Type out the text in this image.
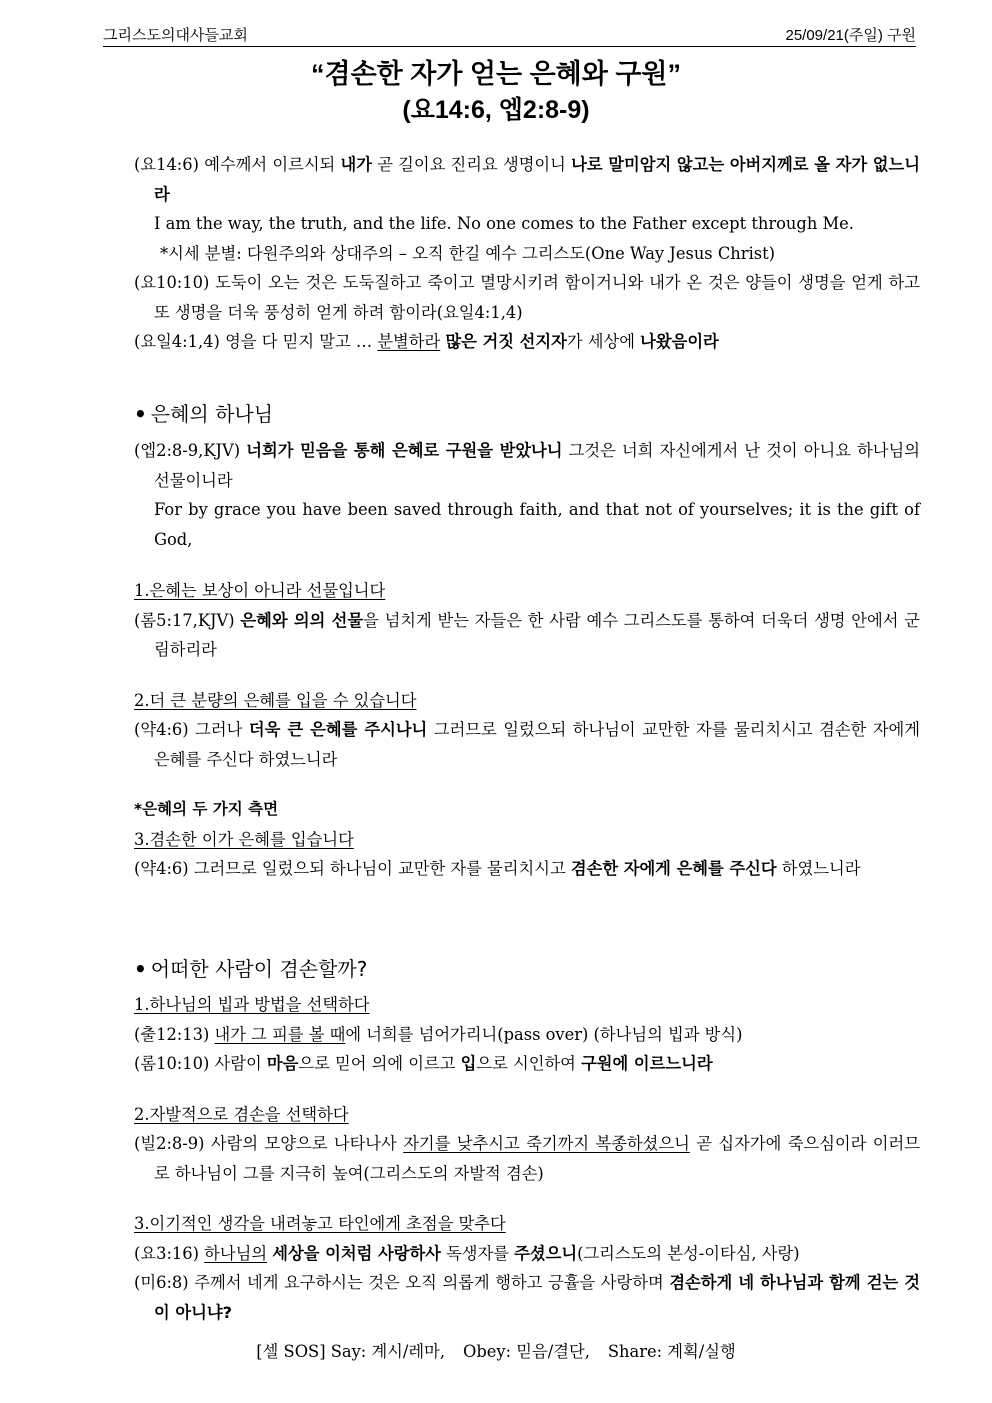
그리스도의대사들교회	25/09/21(주일) 구원
“겸손한 자가 얻는 은혜와 구원”
(요14:6, 엡2:8-9)

(요14:6) 예수께서 이르시되 내가 곧 길이요 진리요 생명이니 나로 말미암지 않고는 아버지께로 올 자가 없느니라

I am the way, the truth, and the life. No one comes to the Father except through Me.

*시세 분별: 다원주의와 상대주의 – 오직 한길 예수 그리스도(One Way Jesus Christ)

(요10:10) 도둑이 오는 것은 도둑질하고 죽이고 멸망시키려 함이거니와 내가 온 것은 양들이 생명을 얻게 하고 또 생명을 더욱 풍성히 얻게 하려 함이라(요일4:1,4)

(요일4:1,4) 영을 다 믿지 말고 … 분별하라 많은 거짓 선지자가 세상에 나왔음이라

• 은혜의 하나님

(엡2:8-9,KJV) 너희가 믿음을 통해 은혜로 구원을 받았나니 그것은 너희 자신에게서 난 것이 아니요 하나님의 선물이니라

For by grace you have been saved through faith, and that not of yourselves; it is the gift of God,

1.은혜는 보상이 아니라 선물입니다

(롬5:17,KJV) 은혜와 의의 선물을 넘치게 받는 자들은 한 사람 예수 그리스도를 통하여 더욱더 생명 안에서 군림하리라

2.더 큰 분량의 은혜를 입을 수 있습니다

(약4:6) 그러나 더욱 큰 은혜를 주시나니 그러므로 일렀으되 하나님이 교만한 자를 물리치시고 겸손한 자에게 은혜를 주신다 하였느니라

*은혜의 두 가지 측면

3.겸손한 이가 은혜를 입습니다

(약4:6) 그러므로 일렀으되 하나님이 교만한 자를 물리치시고 겸손한 자에게 은혜를 주신다 하였느니라

• 어떠한 사람이 겸손할까?

1.하나님의 빕과 방법을 선택하다

(출12:13) 내가 그 피를 볼 때에 너희를 넘어가리니(pass over) (하나님의 빕과 방식)

(롬10:10) 사람이 마음으로 믿어 의에 이르고 입으로 시인하여 구원에 이르느니라

2.자발적으로 겸손을 선택하다

(빌2:8-9) 사람의 모양으로 나타나사 자기를 낮추시고 죽기까지 복종하셨으니 곧 십자가에 죽으심이라 이러므로 하나님이 그를 지극히 높여(그리스도의 자발적 겸손)

3.이기적인 생각을 내려놓고 타인에게 초점을 맞추다

(요3:16) 하나님의 세상을 이처럼 사랑하사 독생자를 주셨으니(그리스도의 본성-이타심, 사랑)

(미6:8) 주께서 네게 요구하시는 것은 오직 의롭게 행하고 긍휼을 사랑하며 겸손하게 네 하나님과 함께 걷는 것이 아니냐?

[셀 SOS] Say: 계시/레마, Obey: 믿음/결단, Share: 계획/실행
